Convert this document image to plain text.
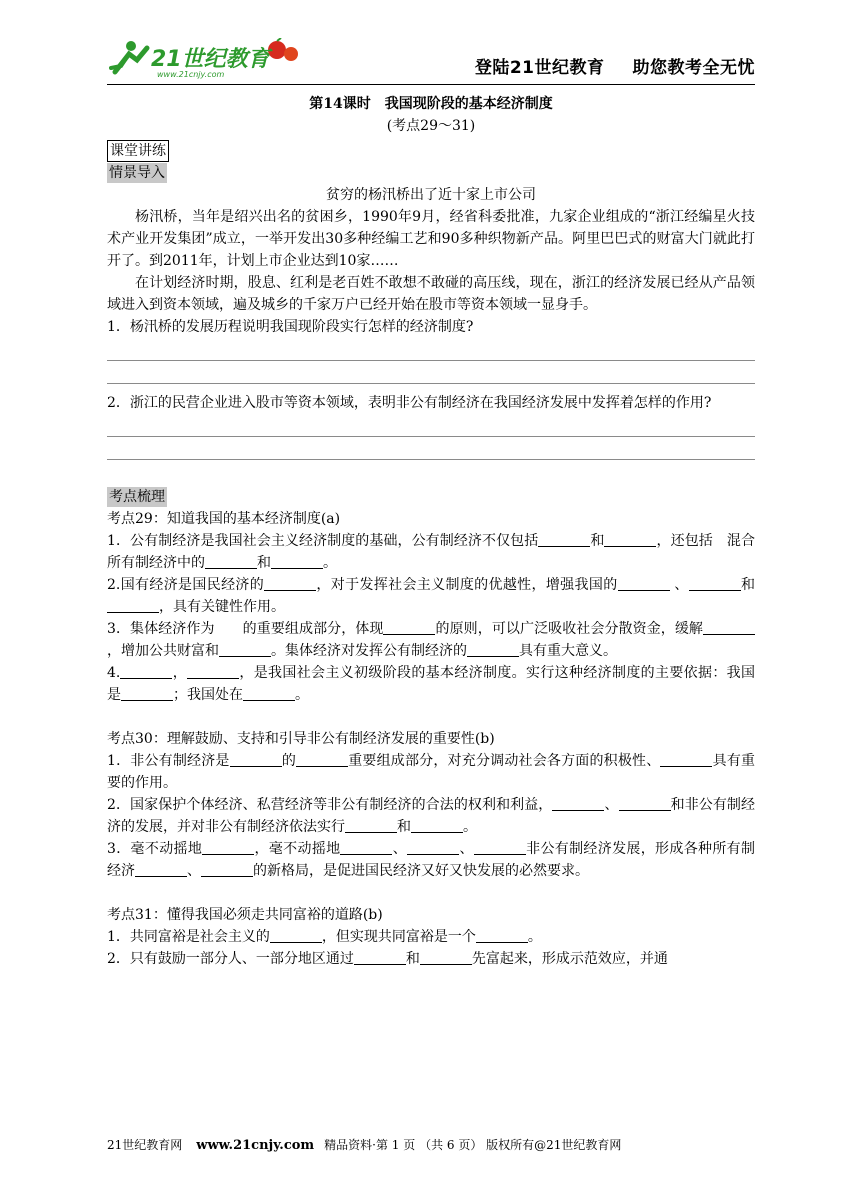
21世纪教育
www.21cnjy.com	登陆21世纪教育 助您教考全无忧
第14课时　我国现阶段的基本经济制度
(考点29～31)
课堂讲练
情景导入

贫穷的杨汛桥出了近十家上市公司

杨汛桥，当年是绍兴出名的贫困乡，1990年9月，经省科委批准，九家企业组成的“浙江经编星火技术产业开发集团”成立，一举开发出30多种经编工艺和90多种织物新产品。阿里巴巴式的财富大门就此打开了。到2011年，计划上市企业达到10家……

在计划经济时期，股息、红利是老百姓不敢想不敢碰的高压线，现在，浙江的经济发展已经从产品领域进入到资本领域，遍及城乡的千家万户已经开始在股市等资本领域一显身手。

1．杨汛桥的发展历程说明我国现阶段实行怎样的经济制度?

2．浙江的民营企业进入股市等资本领域，表明非公有制经济在我国经济发展中发挥着怎样的作用?

考点梳理

考点29：知道我国的基本经济制度(a)

1．公有制经济是我国社会主义经济制度的基础，公有制经济不仅包括	和	，还包括　混合所有制经济中的	和	。

2.国有经济是国民经济的	，对于发挥社会主义制度的优越性，增强我国的	、	和，具有关键性作用。

3．集体经济作为　　的重要组成部分，体现	的原则，可以广泛吸收社会分散资金，缓解，增加公共财富和	。集体经济对发挥公有制经济的	具有重大意义。

4.	，	，是我国社会主义初级阶段的基本经济制度。实行这种经济制度的主要依据：我国是	；我国处在	。

考点30：理解鼓励、支持和引导非公有制经济发展的重要性(b)

1．非公有制经济是	的	重要组成部分，对充分调动社会各方面的积极性、	具有重要的作用。

2．国家保护个体经济、私营经济等非公有制经济的合法的权利和利益，	、	和非公有制经济的发展，并对非公有制经济依法实行	和	。

3．毫不动摇地	，毫不动摇地	、	、	非公有制经济发展，形成各种所有制经济	、	的新格局，是促进国民经济又好又快发展的必然要求。

考点31：懂得我国必须走共同富裕的道路(b)

1．共同富裕是社会主义的	，但实现共同富裕是一个	。

2．只有鼓励一部分人、一部分地区通过	和	先富起来，形成示范效应，并通

21世纪教育网 www.21cnjy.com 精品资料·第 1 页 （共 6 页） 版权所有@21世纪教育网
